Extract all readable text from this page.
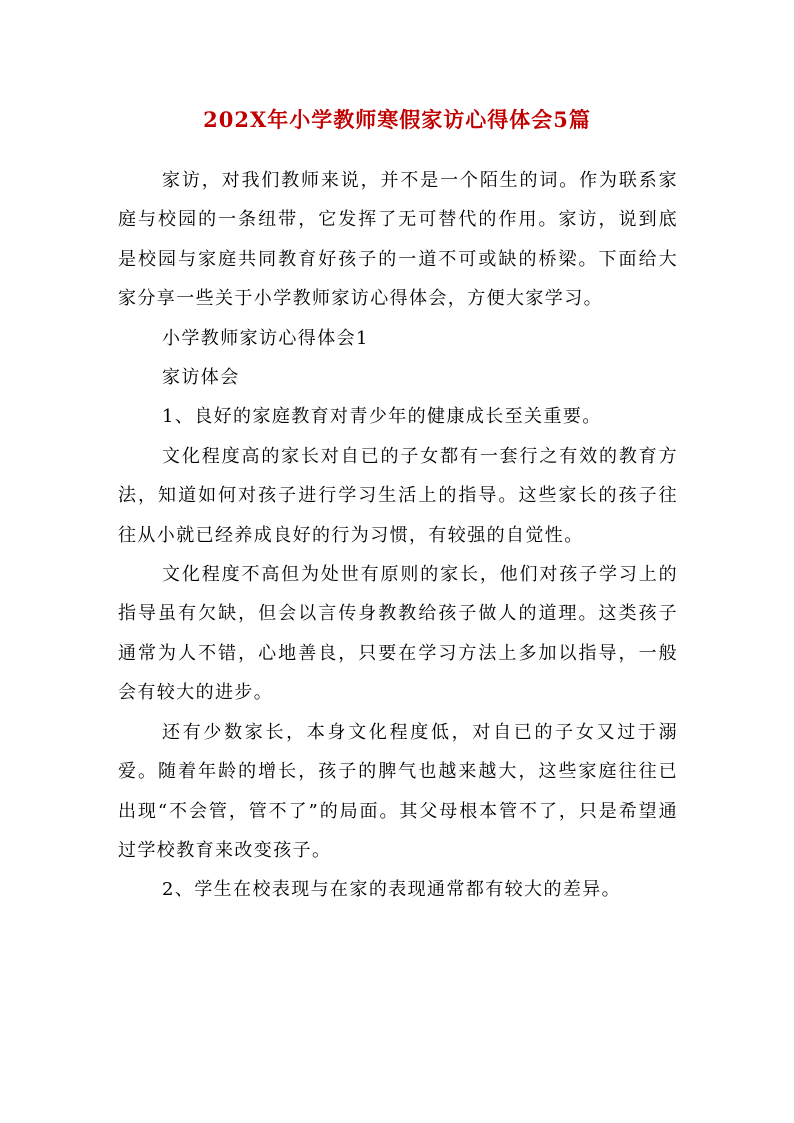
202X年小学教师寒假家访心得体会5篇

家访，对我们教师来说，并不是一个陌生的词。作为联系家庭与校园的一条纽带，它发挥了无可替代的作用。家访，说到底是校园与家庭共同教育好孩子的一道不可或缺的桥梁。下面给大家分享一些关于小学教师家访心得体会，方便大家学习。

小学教师家访心得体会1

家访体会

1、良好的家庭教育对青少年的健康成长至关重要。

文化程度高的家长对自已的子女都有一套行之有效的教育方法，知道如何对孩子进行学习生活上的指导。这些家长的孩子往往从小就已经养成良好的行为习惯，有较强的自觉性。

文化程度不高但为处世有原则的家长，他们对孩子学习上的指导虽有欠缺，但会以言传身教教给孩子做人的道理。这类孩子通常为人不错，心地善良，只要在学习方法上多加以指导，一般会有较大的进步。

还有少数家长，本身文化程度低，对自已的子女又过于溺爱。随着年龄的增长，孩子的脾气也越来越大，这些家庭往往已出现“不会管，管不了”的局面。其父母根本管不了，只是希望通过学校教育来改变孩子。

2、学生在校表现与在家的表现通常都有较大的差异。
